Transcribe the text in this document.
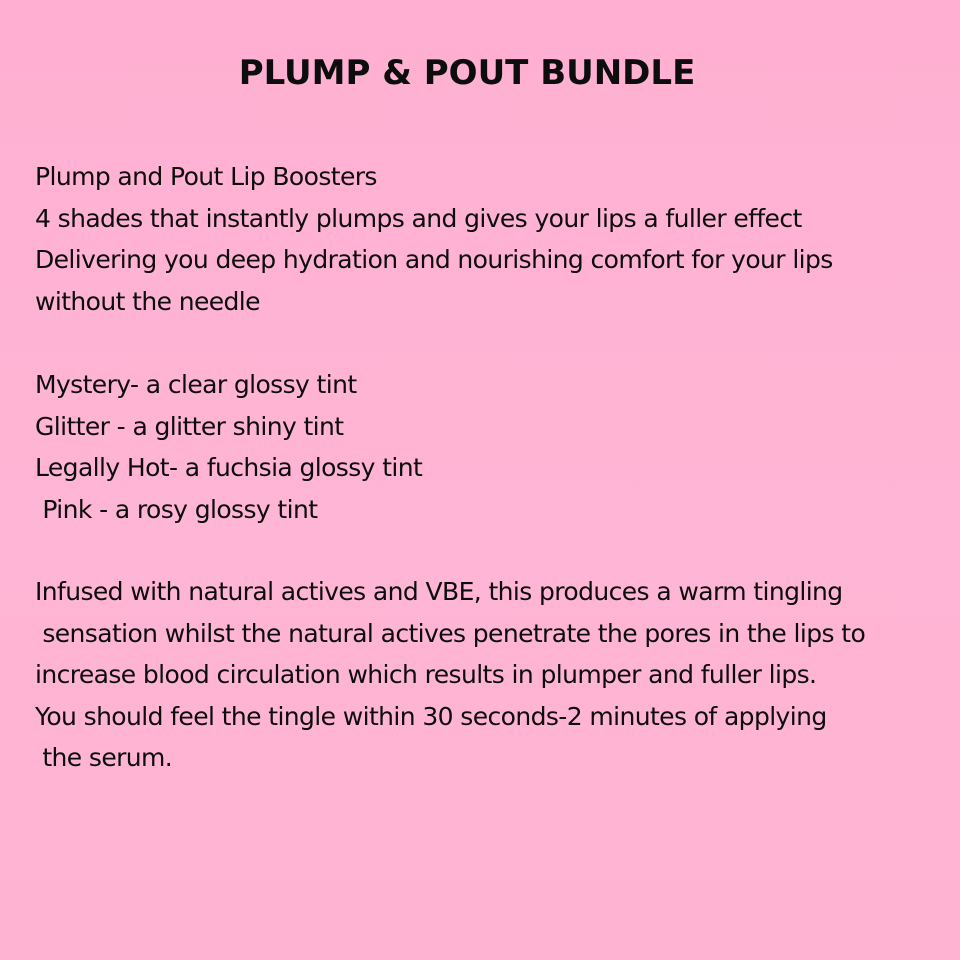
PLUMP & POUT BUNDLE
Plump and Pout Lip Boosters
4 shades that instantly plumps and gives your lips a fuller effect
Delivering you deep hydration and nourishing comfort for your lips
without the needle
Mystery- a clear glossy tint
Glitter - a glitter shiny tint
Legally Hot- a fuchsia glossy tint
Pink - a rosy glossy tint
Infused with natural actives and VBE, this produces a warm tingling
sensation whilst the natural actives penetrate the pores in the lips to
increase blood circulation which results in plumper and fuller lips.
You should feel the tingle within 30 seconds-2 minutes of applying
the serum.
